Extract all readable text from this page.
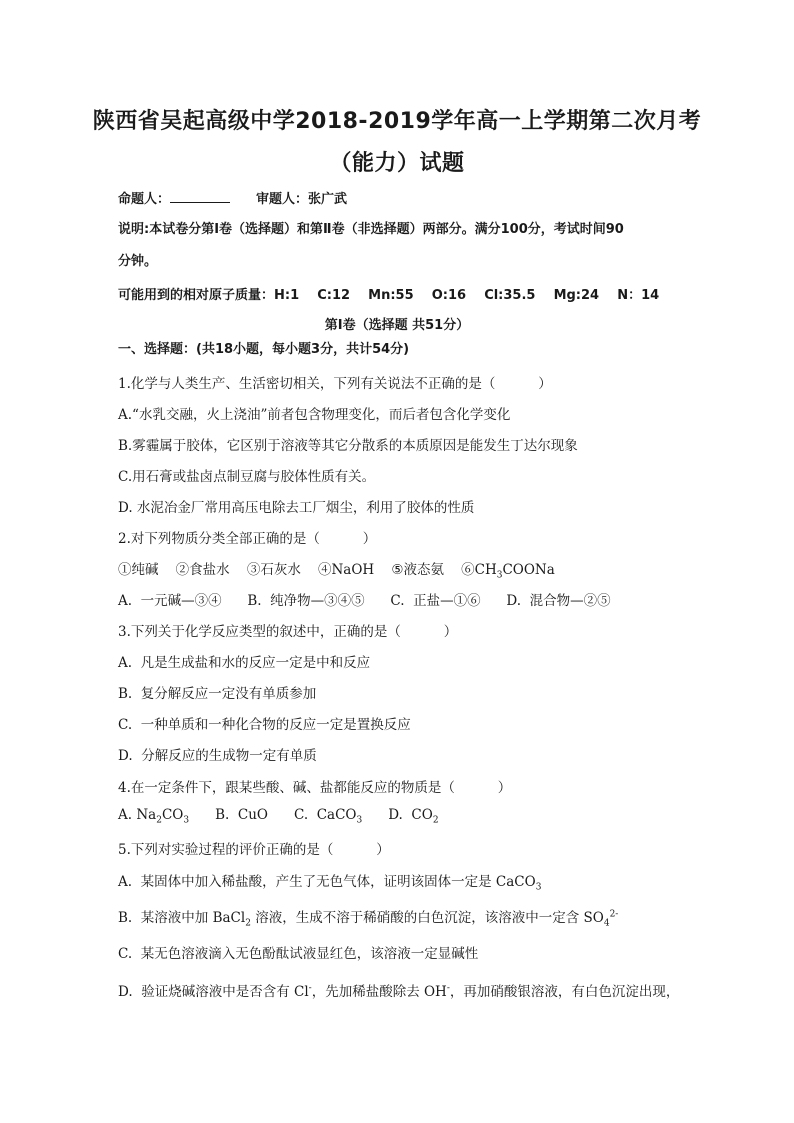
陕西省吴起高级中学2018-2019学年高一上学期第二次月考
（能力）试题
命题人：	审题人：张广武
说明:本试卷分第Ⅰ卷（选择题）和第Ⅱ卷（非选择题）两部分。满分100分，考试时间90
分钟。
可能用到的相对原子质量：H:1    C:12    Mn:55    O:16    Cl:35.5    Mg:24    N：14
第Ⅰ卷（选择题 共51分）
一、选择题：(共18小题，每小题3分，共计54分)
1.化学与人类生产、生活密切相关，下列有关说法不正确的是（          ）
A.“水乳交融，火上浇油”前者包含物理变化，而后者包含化学变化
B.雾霾属于胶体，它区别于溶液等其它分散系的本质原因是能发生丁达尔现象
C.用石膏或盐卤点制豆腐与胶体性质有关。
D. 水泥冶金厂常用高压电除去工厂烟尘，利用了胶体的性质
2.对下列物质分类全部正确的是（          ）
①纯碱    ②食盐水    ③石灰水    ④NaOH    ⑤液态氨    $⑥CH_3COONa$
A.  一元碱—③④      B.  纯净物—③④⑤      C.  正盐—①⑥      D.  混合物—②⑤
3.下列关于化学反应类型的叙述中，正确的是（          ）
A.  凡是生成盐和水的反应一定是中和反应
B.  复分解反应一定没有单质参加
C.  一种单质和一种化合物的反应一定是置换反应
D.  分解反应的生成物一定有单质
4.在一定条件下，跟某些酸、碱、盐都能反应的物质是（          ）
A. $Na_2CO_3$ B.  CuO C.  CaCO$_3$ D.  $CO_2$
5.下列对实验过程的评价正确的是（          ）
A.  某固体中加入稀盐酸，产生了无色气体，证明该固体一定是 CaCO$_3$
B.  某溶液中加 BaCl$_2$ 溶液，生成不溶于稀硝酸的白色沉淀，该溶液中一定含 $SO_4^{2-}$
C.  某无色溶液滴入无色酚酞试液显红色，该溶液一定显碱性
D.  验证烧碱溶液中是否含有 Cl-，先加稀盐酸除去 OH-，再加硝酸银溶液，有白色沉淀出现，
